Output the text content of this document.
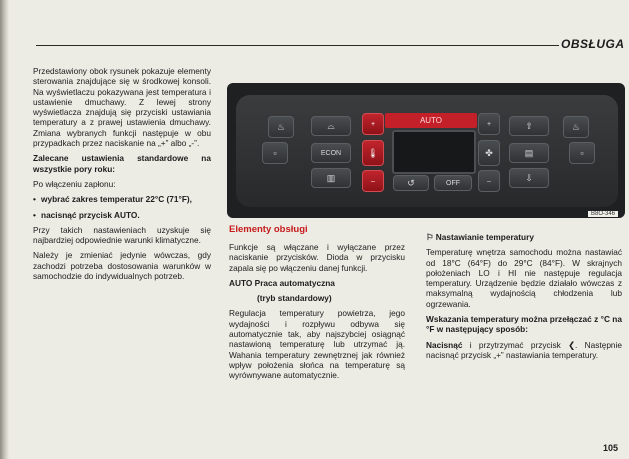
OBSŁUGA

Przedstawiony obok rysunek pokazuje elementy sterowania znajdujące się w środkowej konsoli. Na wyświetlaczu pokazywana jest temperatura i ustawienie dmuchawy. Z lewej strony wyświetlacza znajdują się przyciski ustawiania temperatury a z prawej ustawienia dmuchawy. Zmiana wybranych funkcji następuje w obu przypadkach przez naciskanie na „+” albo „-”.

Zalecane ustawienia standardowe na wszystkie pory roku:

Po włączeniu zapłonu:

• wybrać zakres temperatur 22°C (71°F),
• nacisnąć przycisk AUTO.

Przy takich nastawieniach uzyskuje się najbardziej odpowiednie warunki klimatyczne.

Należy je zmieniać jedynie wówczas, gdy zachodzi potrzeba dostosowania warunków w samochodzie do indywidualnych potrzeb.

▫
♨	⌓
ECON
▥
+
🌡︎
–
AUTO
↺	OFF
+
✤
–
⇧
▤
⇩
♨
▫
B8O-346
Elementy obsługi

Funkcje są włączane i wyłączane przez naciskanie przycisków. Dioda w przycisku zapala się po włączeniu danej funkcji.

AUTO Praca automatyczna

(tryb standardowy)

Regulacja temperatury powietrza, jego wydajności i rozpływu odbywa się automatycznie tak, aby najszybciej osiągnąć nastawioną temperaturę lub utrzymać ją. Wahania temperatury zewnętrznej jak również wpływ położenia słońca na temperaturę są wyrównywane automatycznie.

⚐ Nastawianie temperatury

Temperaturę wnętrza samochodu można nastawiać od 18°C (64°F) do 29°C (84°F). W skrajnych położeniach LO i HI nie następuje regulacja temperatury. Urządzenie będzie działało wówczas z maksymalną wydajnością chłodzenia lub ogrzewania.

Wskazania temperatury można przełączać z °C na °F w następujący sposób:

Nacisnąć i przytrzymać przycisk ❮. Następnie nacisnąć przycisk „+” nastawiania temperatury.

105
